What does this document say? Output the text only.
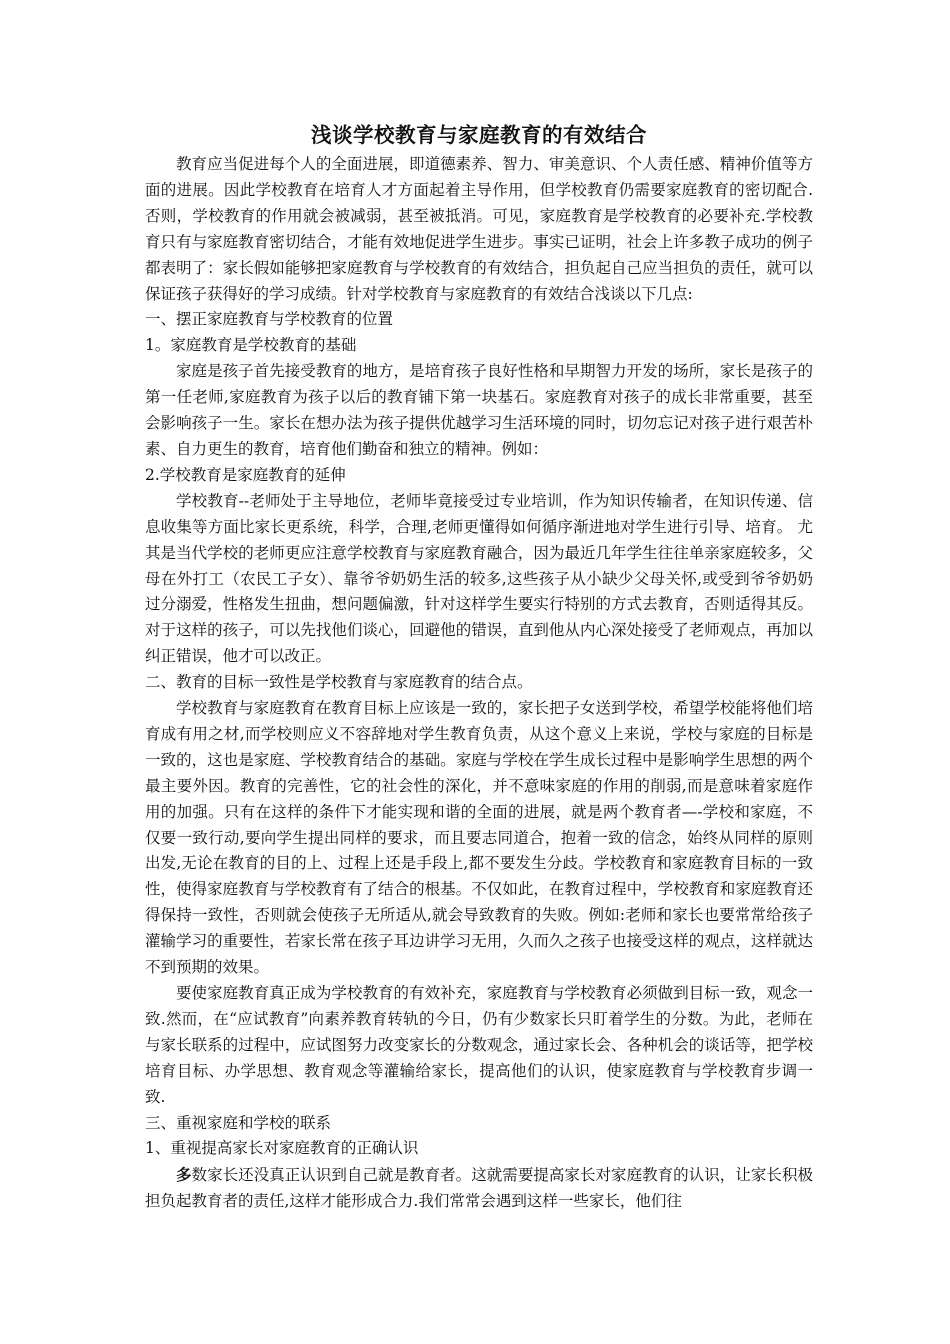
浅谈学校教育与家庭教育的有效结合

教育应当促进每个人的全面进展，即道德素养、智力、审美意识、个人责任感、精神价值等方面的进展。因此学校教育在培育人才方面起着主导作用，但学校教育仍需要家庭教育的密切配合.否则，学校教育的作用就会被减弱，甚至被抵消。可见，家庭教育是学校教育的必要补充.学校教育只有与家庭教育密切结合，才能有效地促进学生进步。事实已证明，社会上许多教子成功的例子都表明了：家长假如能够把家庭教育与学校教育的有效结合，担负起自己应当担负的责任，就可以保证孩子获得好的学习成绩。针对学校教育与家庭教育的有效结合浅谈以下几点:

一、摆正家庭教育与学校教育的位置

1。家庭教育是学校教育的基础

家庭是孩子首先接受教育的地方，是培育孩子良好性格和早期智力开发的场所，家长是孩子的第一任老师,家庭教育为孩子以后的教育铺下第一块基石。家庭教育对孩子的成长非常重要，甚至会影响孩子一生。家长在想办法为孩子提供优越学习生活环境的同时，切勿忘记对孩子进行艰苦朴素、自力更生的教育，培育他们勤奋和独立的精神。例如：

2.学校教育是家庭教育的延伸

学校教育--老师处于主导地位，老师毕竟接受过专业培训，作为知识传输者，在知识传递、信息收集等方面比家长更系统，科学，合理,老师更懂得如何循序渐进地对学生进行引导、培育。 尤其是当代学校的老师更应注意学校教育与家庭教育融合，因为最近几年学生往往单亲家庭较多，父母在外打工（农民工子女）、靠爷爷奶奶生活的较多,这些孩子从小缺少父母关怀,或受到爷爷奶奶过分溺爱，性格发生扭曲，想问题偏激，针对这样学生要实行特别的方式去教育，否则适得其反。对于这样的孩子，可以先找他们谈心，回避他的错误，直到他从内心深处接受了老师观点，再加以纠正错误，他才可以改正。

二、教育的目标一致性是学校教育与家庭教育的结合点。

学校教育与家庭教育在教育目标上应该是一致的，家长把子女送到学校，希望学校能将他们培育成有用之材,而学校则应义不容辞地对学生教育负责，从这个意义上来说，学校与家庭的目标是一致的，这也是家庭、学校教育结合的基础。家庭与学校在学生成长过程中是影响学生思想的两个最主要外因。教育的完善性，它的社会性的深化，并不意味家庭的作用的削弱,而是意味着家庭作用的加强。只有在这样的条件下才能实现和谐的全面的进展，就是两个教育者—-学校和家庭，不仅要一致行动,要向学生提出同样的要求，而且要志同道合，抱着一致的信念，始终从同样的原则出发,无论在教育的目的上、过程上还是手段上,都不要发生分歧。学校教育和家庭教育目标的一致性，使得家庭教育与学校教育有了结合的根基。不仅如此，在教育过程中，学校教育和家庭教育还得保持一致性，否则就会使孩子无所适从,就会导致教育的失败。例如:老师和家长也要常常给孩子灌输学习的重要性，若家长常在孩子耳边讲学习无用，久而久之孩子也接受这样的观点，这样就达不到预期的效果。

要使家庭教育真正成为学校教育的有效补充，家庭教育与学校教育必须做到目标一致，观念一致.然而，在“应试教育”向素养教育转轨的今日，仍有少数家长只盯着学生的分数。为此，老师在与家长联系的过程中，应试图努力改变家长的分数观念，通过家长会、各种机会的谈话等，把学校培育目标、办学思想、教育观念等灌输给家长，提高他们的认识，使家庭教育与学校教育步调一致.

三、重视家庭和学校的联系

1、重视提高家长对家庭教育的正确认识

多数家长还没真正认识到自己就是教育者。这就需要提高家长对家庭教育的认识，让家长积极担负起教育者的责任,这样才能形成合力.我们常常会遇到这样一些家长，他们往
